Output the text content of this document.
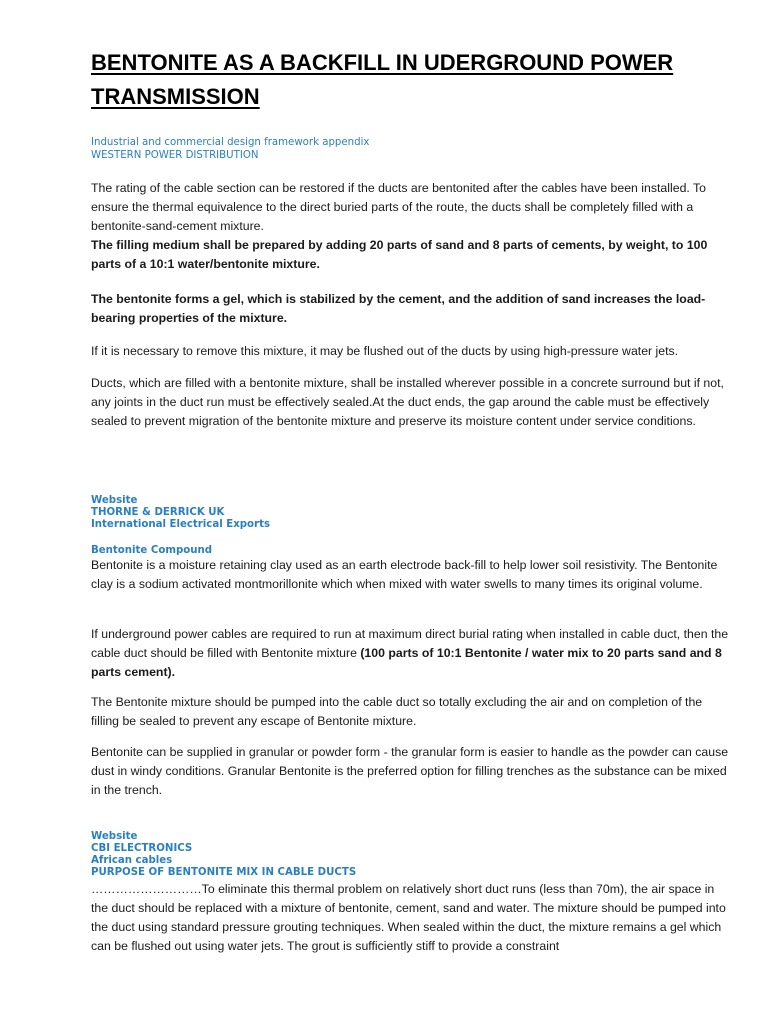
BENTONITE AS A BACKFILL IN UDERGROUND POWER TRANSMISSION
Industrial and commercial design framework appendix
WESTERN POWER DISTRIBUTION

The rating of the cable section can be restored if the ducts are bentonited after the cables have been installed. To ensure the thermal equivalence to the direct buried parts of the route, the ducts shall be completely filled with a bentonite-sand-cement mixture.
The filling medium shall be prepared by adding 20 parts of sand and 8 parts of cements, by weight, to 100 parts of a 10:1 water/bentonite mixture.

The bentonite forms a gel, which is stabilized by the cement, and the addition of sand increases the load-bearing properties of the mixture.

If it is necessary to remove this mixture, it may be flushed out of the ducts by using high-pressure water jets.

Ducts, which are filled with a bentonite mixture, shall be installed wherever possible in a concrete surround but if not, any joints in the duct run must be effectively sealed.At the duct ends, the gap around the cable must be effectively sealed to prevent migration of the bentonite mixture and preserve its moisture content under service conditions.

Website
THORNE & DERRICK UK
International Electrical Exports
Bentonite Compound

Bentonite is a moisture retaining clay used as an earth electrode back-fill to help lower soil resistivity. The Bentonite clay is a sodium activated montmorillonite which when mixed with water swells to many times its original volume.

If underground power cables are required to run at maximum direct burial rating when installed in cable duct, then the cable duct should be filled with Bentonite mixture (100 parts of 10:1 Bentonite / water mix to 20 parts sand and 8 parts cement).

The Bentonite mixture should be pumped into the cable duct so totally excluding the air and on completion of the filling be sealed to prevent any escape of Bentonite mixture.

Bentonite can be supplied in granular or powder form - the granular form is easier to handle as the powder can cause dust in windy conditions. Granular Bentonite is the preferred option for filling trenches as the substance can be mixed in the trench.

Website
CBI ELECTRONICS
African cables
PURPOSE OF BENTONITE MIX IN CABLE DUCTS

………………………To eliminate this thermal problem on relatively short duct runs (less than 70m), the air space in the duct should be replaced with a mixture of bentonite, cement, sand and water. The mixture should be pumped into the duct using standard pressure grouting techniques. When sealed within the duct, the mixture remains a gel which can be flushed out using water jets. The grout is sufficiently stiff to provide a constraint
